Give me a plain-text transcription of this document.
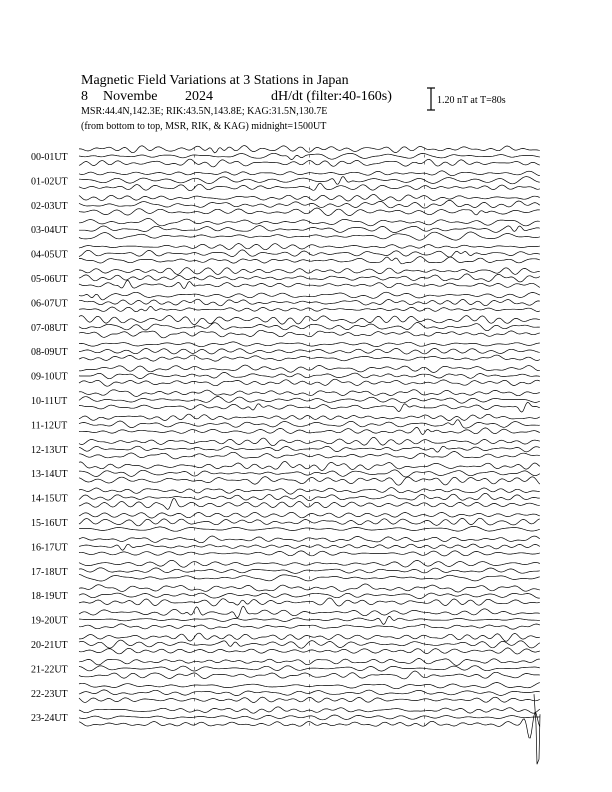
Magnetic Field Variations at 3 Stations in Japan
8 Novembe 2024	dH/dt (filter:40-160s)
MSR:44.4N,142.3E; RIK:43.5N,143.8E; KAG:31.5N,130.7E
(from bottom to top, MSR, RIK, & KAG) midnight=1500UT
1.20 nT at T=80s
00-01UT
01-02UT
02-03UT
03-04UT
04-05UT
05-06UT
06-07UT
07-08UT
08-09UT
09-10UT
10-11UT
11-12UT
12-13UT
13-14UT
14-15UT
15-16UT
16-17UT
17-18UT
18-19UT
19-20UT
20-21UT
21-22UT
22-23UT
23-24UT
